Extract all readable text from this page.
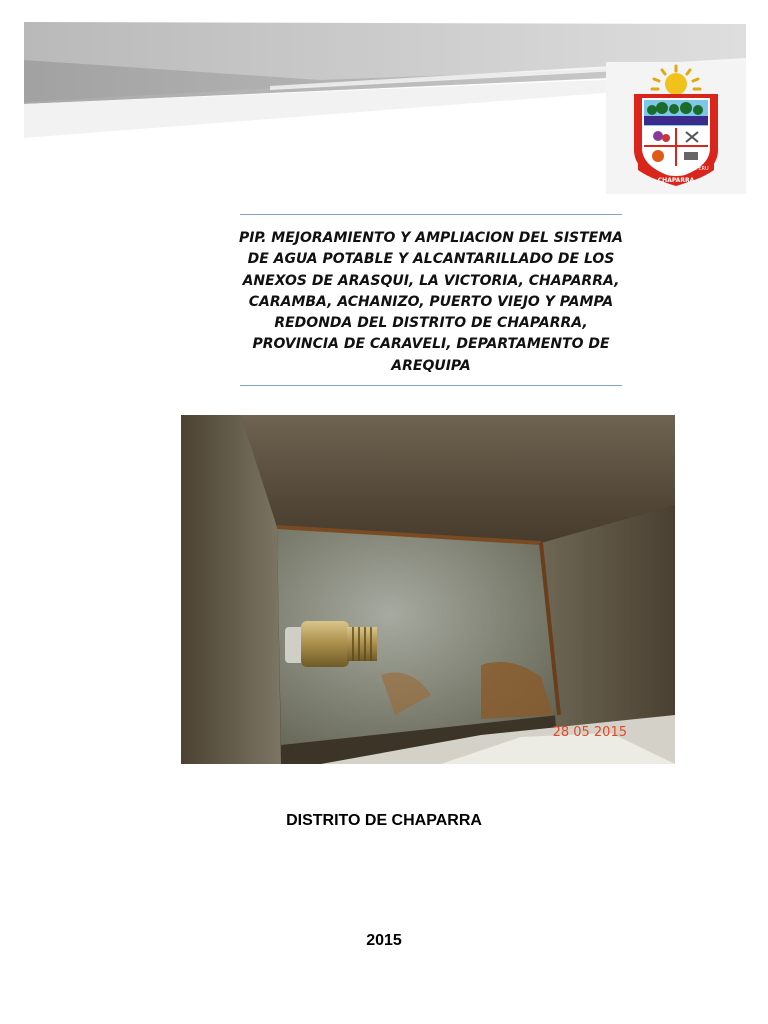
CHAPARRA
PERU
PIP. MEJORAMIENTO Y AMPLIACION DEL SISTEMA
DE AGUA POTABLE Y ALCANTARILLADO DE LOS
ANEXOS DE ARASQUI, LA VICTORIA, CHAPARRA,
CARAMBA, ACHANIZO, PUERTO VIEJO Y PAMPA
REDONDA DEL DISTRITO DE CHAPARRA,
PROVINCIA DE CARAVELI, DEPARTAMENTO DE
AREQUIPA
28 05 2015

DISTRITO DE CHAPARRA

2015
